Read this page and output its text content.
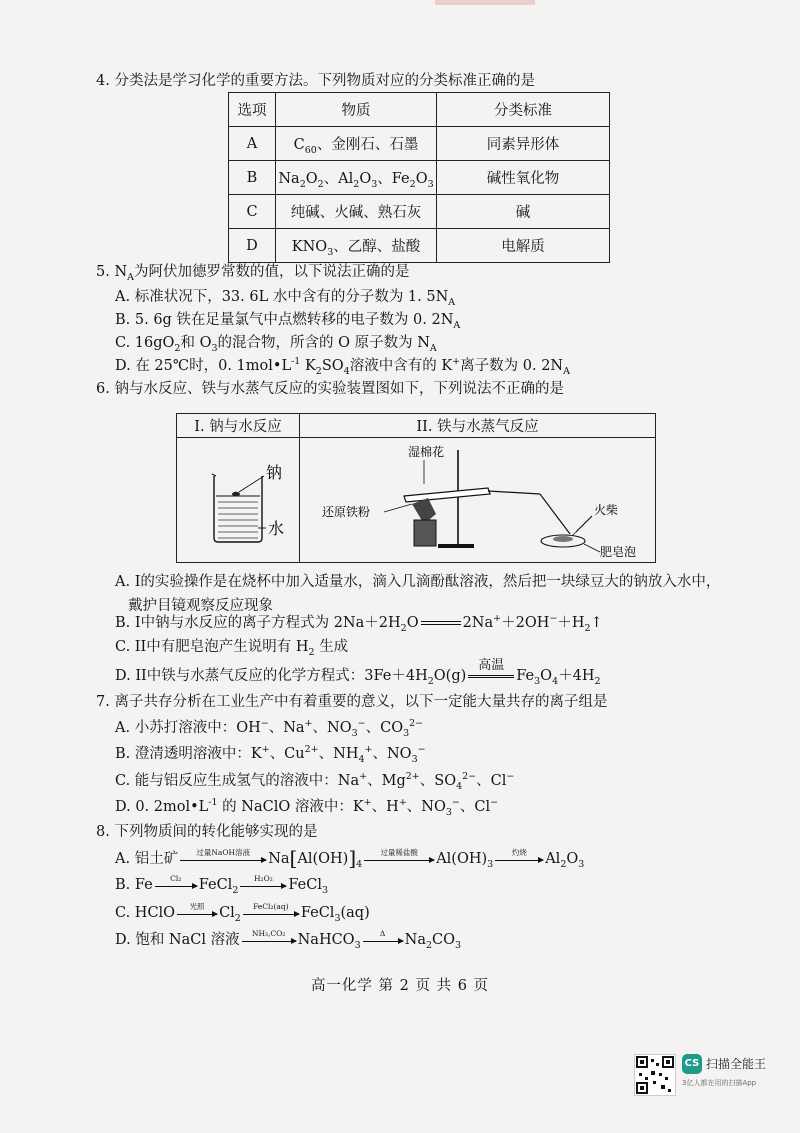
4. 分类法是学习化学的重要方法。下列物质对应的分类标准正确的是
选项	物质	分类标准
A	$C_{60}$、金刚石、石墨	同素异形体
B	$Na_2O_2$、$Al_2O_3$、$Fe_2O_3$	碱性氧化物
C	纯碱、火碱、熟石灰	碱
D	$KNO_3$、乙醇、盐酸	电解质
5. $N_A$为阿伏加德罗常数的值，以下说法正确的是
A. 标准状况下，33. 6L 水中含有的分子数为 1. $5N_A$
B. 5. 6g 铁在足量氯气中点燃转移的电子数为 0. $2N_A$
C. $16gO_2$和 $O_3$的混合物，所含的 O 原子数为 $N_A$
D. 在 25℃时，0. $1mol•L^{-1}$ $K_2SO_4$溶液中含有的 K+离子数为 0. $2N_A$
6. 钠与水反应、铁与水蒸气反应的实验装置图如下，下列说法不正确的是
I. 钠与水反应	II. 铁与水蒸气反应

钠
水	湿棉花
还原铁粉 火柴
肥皂泡
A. I的实验操作是在烧杯中加入适量水，滴入几滴酚酞溶液，然后把一块绿豆大的钠放入水中，
戴护目镜观察反应现象
B. I中钠与水反应的离子方程式为 $2Na+2H_2O$	$2Na^++2OH^-+H_2↑$
C. II中有肥皂泡产生说明有 $H_2$ 生成
D. II中铁与水蒸气反应的化学方程式：$3Fe+4H_2O(g)$
高温
$Fe_3O_4+4H_2$
7. 离子共存分析在工业生产中有着重要的意义，以下一定能大量共存的离子组是
A. 小苏打溶液中：OH−、Na+、$NO_3^-$、$CO_3^{2-}$
B. 澄清透明溶液中：K+、$Cu^{2+}$、$NH_4^+$、$NO_3^-$
C. 能与铝反应生成氢气的溶液中：Na+、$Mg^{2+}$、$SO_4^{2-}$、Cl−
D. 0. $2mol•L^{-1}$ 的 NaClO 溶液中：K+、H+、$NO_3^-$、Cl−
8. 下列物质间的转化能够实现的是
A. 铝土矿	过量NaOH溶液	$Na[Al(OH)]_4$
过量稀盐酸	$Al(OH)_3$
灼烧	$Al_2O_3$
B. Fe	Cl₂	FeCl$_2$
H₂O₂	FeCl$_3$
C. HClO	光照	$Cl_2$
FeCl₂(aq) FeCl$_3$(aq)
D. 饱和 NaCl 溶液	NH₃,CO₂ NaHCO$_3$
Δ	$Na_2CO_3$
高一化学 第 2 页 共 6 页
CS 扫描全能王
3亿人都在用的扫描App
